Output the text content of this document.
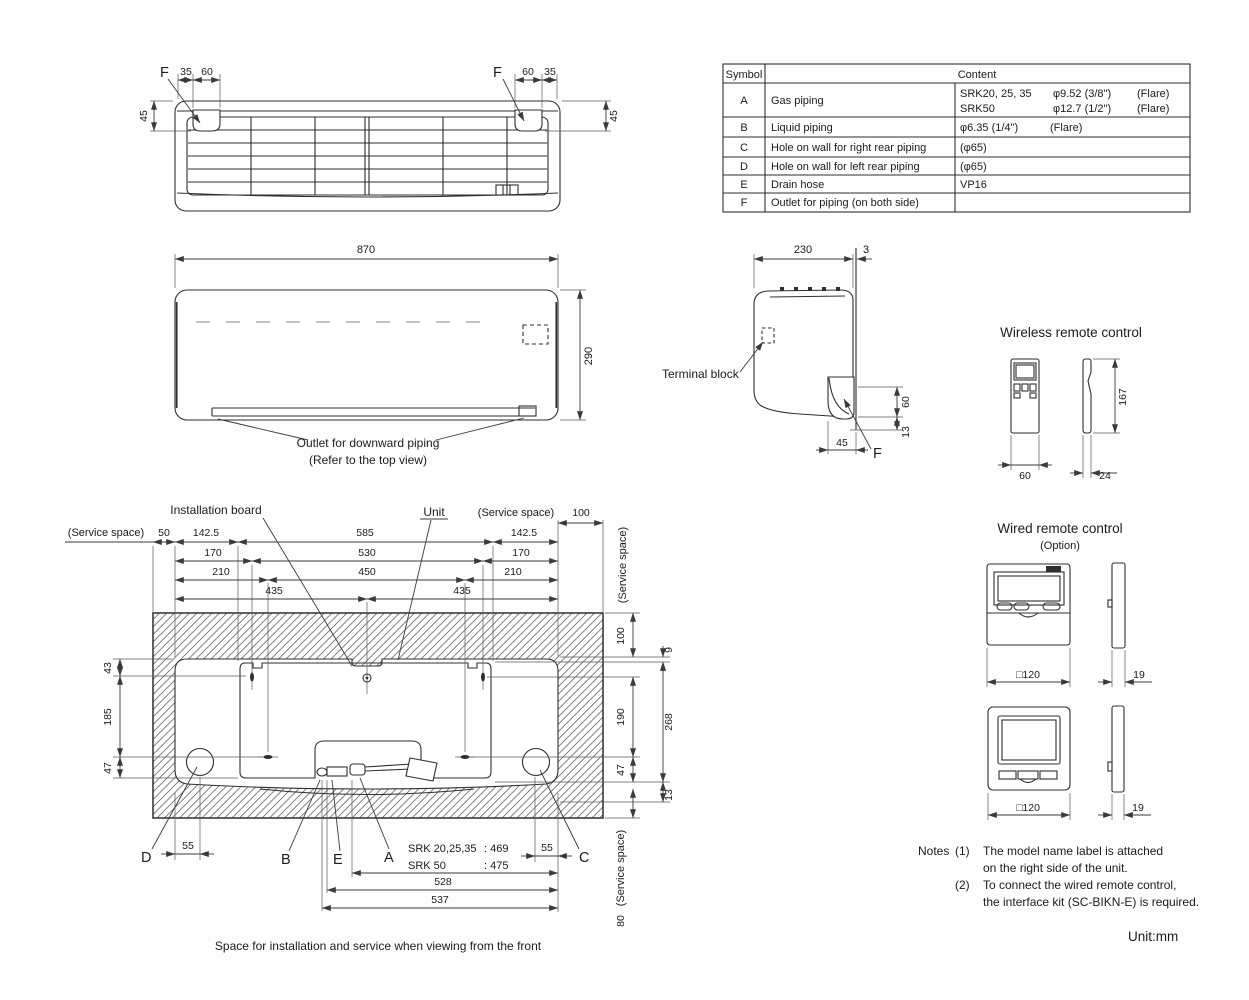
Symbol	Content
A Gas piping
SRK20, 25, 35 φ9.52 (3/8") (Flare)
SRK50	φ12.7 (1/2") (Flare)
B Liquid piping	φ6.35 (1/4")	(Flare)
C Hole on wall for right rear piping	(φ65)
D Hole on wall for left rear piping	(φ65)
E Drain hose	VP16
F Outlet for piping (on both side)
F 35 60	F 60 35
45	45
870
290
Outlet for downward piping
(Refer to the top view)
Terminal block
230	3
60
13
45
F
Installation board	Unit	(Service space) 100
(Service space)
(Service space) 50 142.5	585	142.5
170	530	170
210	450	210
435	435
43
185
47
100
190
47
9
268
13
(Service space)
80
55	55
SRK 20,25,35 : 469
SRK 50	: 475
528
537
D	B	E	A	C
Space for installation and service when viewing from the front
Wireless remote control
60
167
24
Wired remote control
(Option)
□120	19
□120	19
Notes (1) The model name label is attached
on the right side of the unit.
(2) To connect the wired remote control,
the interface kit (SC-BIKN-E) is required.
Unit:mm
